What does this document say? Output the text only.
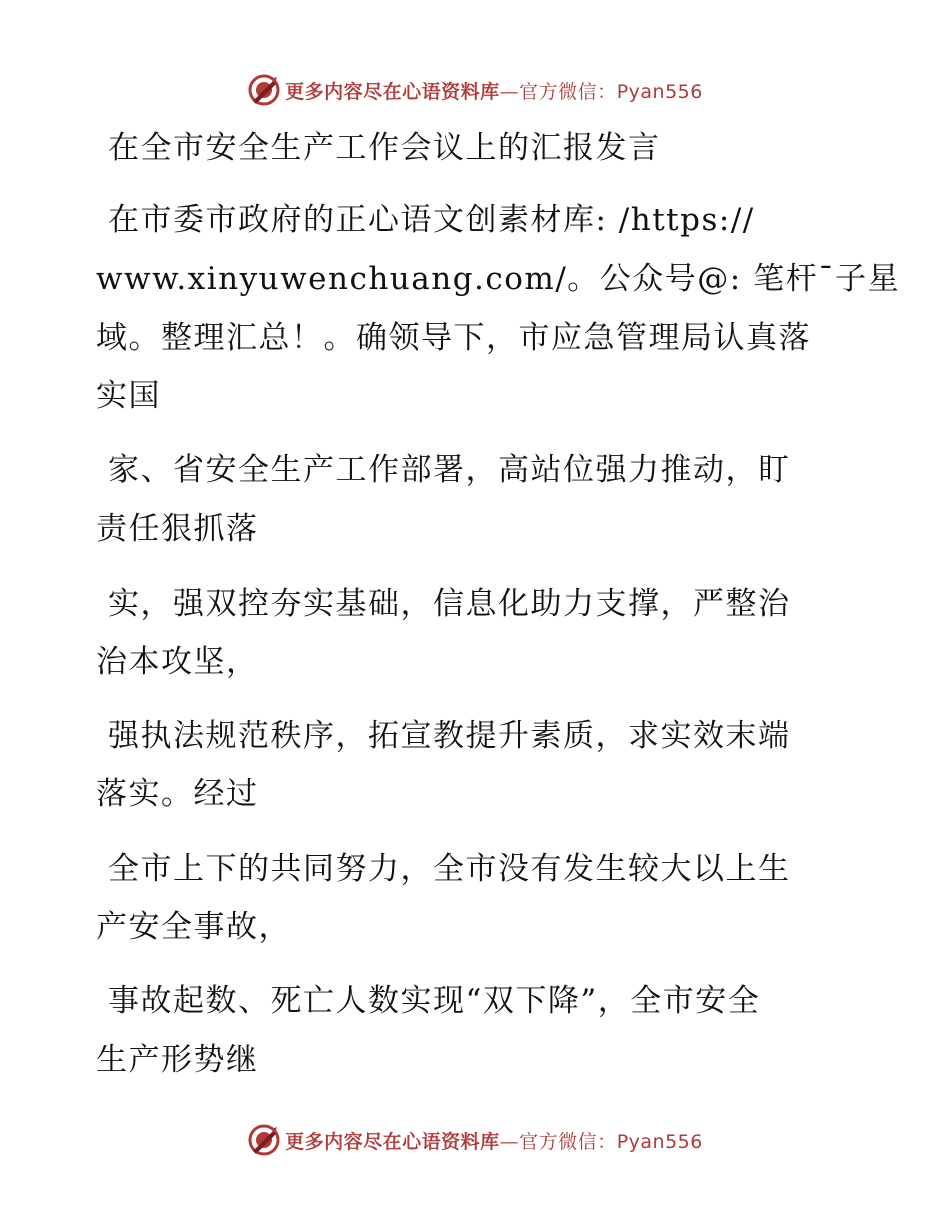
更多内容尽在心语资料库—官方微信：Pyan556
在全市安全生产工作会议上的汇报发言
在市委市政府的正心语文创素材库: /https://
www.xinyuwenchuang.com/。公众号@: 笔杆¯子星
域。整理汇总！。确领导下，市应急管理局认真落
实国
家、省安全生产工作部署，高站位强力推动，盯
责任狠抓落
实，强双控夯实基础，信息化助力支撑，严整治
治本攻坚，
强执法规范秩序，拓宣教提升素质，求实效末端
落实。经过
全市上下的共同努力，全市没有发生较大以上生
产安全事故，
事故起数、死亡人数实现“双下降”，全市安全
生产形势继
更多内容尽在心语资料库—官方微信：Pyan556
